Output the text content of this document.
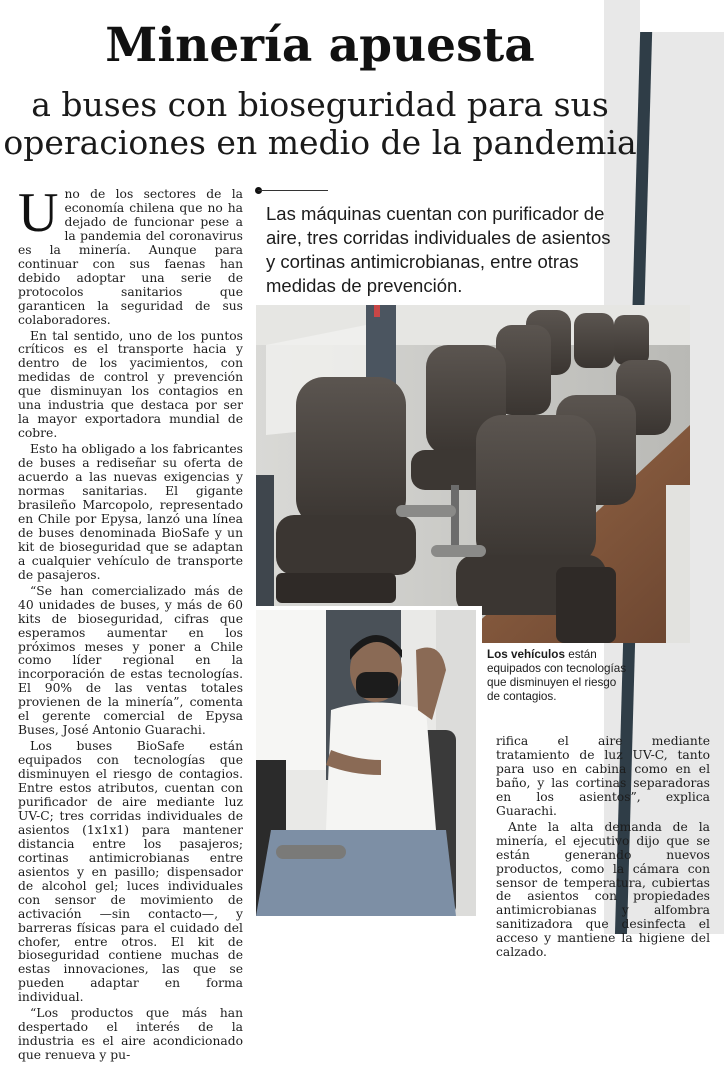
Minería apuesta
a buses con bioseguridad para sus
operaciones en medio de la pandemia

Uno de los sectores de la economía chilena que no ha dejado de funcionar pese a la pandemia del coronavirus es la minería. Aunque para continuar con sus faenas han debido adoptar una serie de protocolos sanitarios que garanticen la seguridad de sus colaboradores.

En tal sentido, uno de los puntos críticos es el transporte hacia y dentro de los yacimientos, con medidas de control y prevención que disminuyan los contagios en una industria que destaca por ser la mayor exportadora mundial de cobre.

Esto ha obligado a los fabricantes de buses a rediseñar su oferta de acuerdo a las nuevas exigencias y normas sanitarias. El gigante brasileño Marcopolo, representado en Chile por Epysa, lanzó una línea de buses denominada BioSafe y un kit de bioseguridad que se adaptan a cualquier vehículo de transporte de pasajeros.

“Se han comercializado más de 40 unidades de buses, y más de 60 kits de bioseguridad, cifras que esperamos aumentar en los próximos meses y poner a Chile como líder regional en la incorporación de estas tecnologías. El 90% de las ventas totales provienen de la minería”, comenta el gerente comercial de Epysa Buses, José Antonio Guarachi.

Los buses BioSafe están equipados con tecnologías que disminuyen el riesgo de contagios. Entre estos atributos, cuentan con purificador de aire mediante luz UV-C; tres corridas individuales de asientos (1x1x1) para mantener distancia entre los pasajeros; cortinas antimicrobianas entre asientos y en pasillo; dispensador de alcohol gel; luces individuales con sensor de movimiento de activación —sin contacto—, y barreras físicas para el cuidado del chofer, entre otros. El kit de bioseguridad contiene muchas de estas innovaciones, las que se pueden adaptar en forma individual.

“Los productos que más han despertado el interés de la industria es el aire acondicionado que renueva y pu-

Las máquinas cuentan con purificador de aire, tres corridas individuales de asientos y cortinas antimicrobianas, entre otras medidas de prevención.
Los vehículos están equipados con tecnologías que disminuyen el riesgo de contagios.

rifica el aire mediante tratamiento de luz UV-C, tanto para uso en cabina como en el baño, y las cortinas separadoras en los asientos”, explica Guarachi.

Ante la alta demanda de la minería, el ejecutivo dijo que se están generando nuevos productos, como la cámara con sensor de temperatura, cubiertas de asientos con propiedades antimicrobianas y alfombra sanitizadora que desinfecta el acceso y mantiene la higiene del calzado.
